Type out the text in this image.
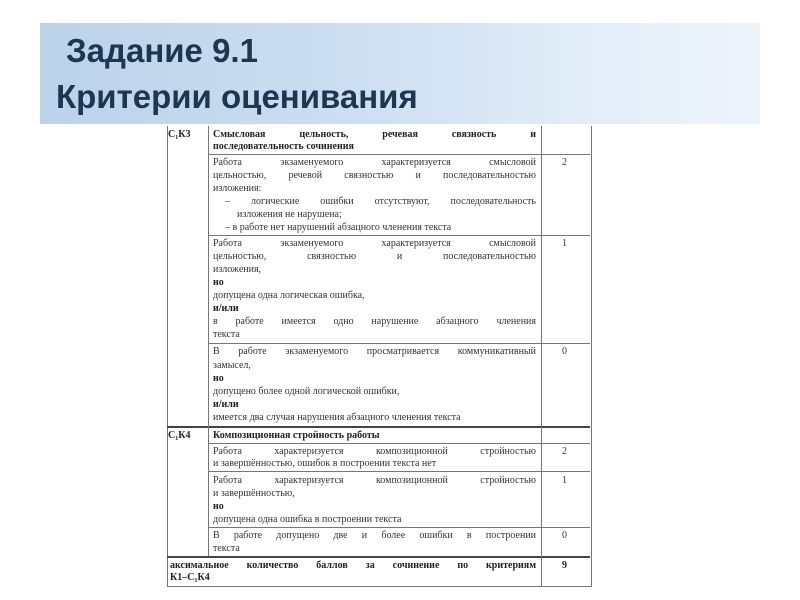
Задание 9.1
Критерии оценивания
С₁К3 Смысловая цельность, речевая связность и
последовательность сочинения
2
Работа экзаменуемого характеризуется смысловой
цельностью, речевой связностью и последовательностью
изложения:
– логические ошибки отсутствуют, последовательность
изложения не нарушена;
– в работе нет нарушений абзацного членения текста
1
Работа экзаменуемого характеризуется смысловой
цельностью, связностью и последовательностью
изложения,
но
допущена одна логическая ошибка,
и/или
в работе имеется одно нарушение абзацного членения
текста
0
В работе экзаменуемого просматривается коммуникативный
замысел,
но
допущено более одной логической ошибки,
и/или
имеется два случая нарушения абзацного членения текста
С₁К4 Композиционная стройность работы
2
Работа характеризуется композиционной стройностью
и завершённостью, ошибок в построении текста нет
1
Работа характеризуется композиционной стройностью
и завершённостью,
но
допущена одна ошибка в построении текста
0
В работе допущено две и более ошибки в построении
текста
аксимальное количество баллов за сочинение по критериям
К1–С₁К4
9
